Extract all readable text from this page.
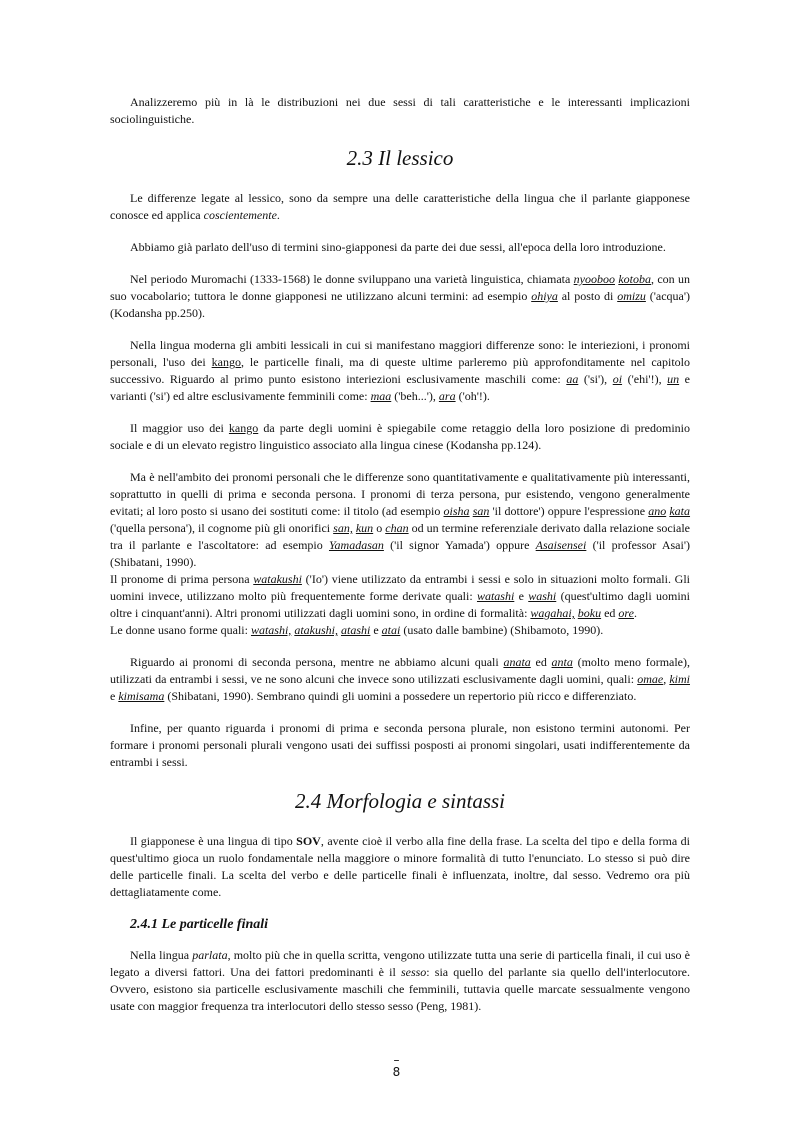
Analizzeremo più in là le distribuzioni nei due sessi di tali caratteristiche e le interessanti implicazioni sociolinguistiche.

2.3 Il lessico

Le differenze legate al lessico, sono da sempre una delle caratteristiche della lingua che il parlante giapponese conosce ed applica coscientemente.

Abbiamo già parlato dell'uso di termini sino-giapponesi da parte dei due sessi, all'epoca della loro introduzione.

Nel periodo Muromachi (1333-1568) le donne sviluppano una varietà linguistica, chiamata nyooboo kotoba, con un suo vocabolario; tuttora le donne giapponesi ne utilizzano alcuni termini: ad esempio ohiya al posto di omizu ('acqua') (Kodansha pp.250).

Nella lingua moderna gli ambiti lessicali in cui si manifestano maggiori differenze sono: le interiezioni, i pronomi personali, l'uso dei kango, le particelle finali, ma di queste ultime parleremo più approfonditamente nel capitolo successivo. Riguardo al primo punto esistono interiezioni esclusivamente maschili come: aa ('si'), oi ('ehi'!), un e varianti ('si') ed altre esclusivamente femminili come: maa ('beh...'), ara ('oh'!).

Il maggior uso dei kango da parte degli uomini è spiegabile come retaggio della loro posizione di predominio sociale e di un elevato registro linguistico associato alla lingua cinese (Kodansha pp.124).

Ma è nell'ambito dei pronomi personali che le differenze sono quantitativamente e qualitativamente più interessanti, soprattutto in quelli di prima e seconda persona. I pronomi di terza persona, pur esistendo, vengono generalmente evitati; al loro posto si usano dei sostituti come: il titolo (ad esempio oisha san 'il dottore') oppure l'espressione ano kata ('quella persona'), il cognome più gli onorifici san, kun o chan od un termine referenziale derivato dalla relazione sociale tra il parlante e l'ascoltatore: ad esempio Yamadasan ('il signor Yamada') oppure Asaisensei ('il professor Asai') (Shibatani, 1990).

Il pronome di prima persona watakushi ('Io') viene utilizzato da entrambi i sessi e solo in situazioni molto formali. Gli uomini invece, utilizzano molto più frequentemente forme derivate quali: watashi e washi (quest'ultimo dagli uomini oltre i cinquant'anni). Altri pronomi utilizzati dagli uomini sono, in ordine di formalità: wagahai, boku ed ore.

Le donne usano forme quali: watashi, atakushi, atashi e atai (usato dalle bambine) (Shibamoto, 1990).

Riguardo ai pronomi di seconda persona, mentre ne abbiamo alcuni quali anata ed anta (molto meno formale), utilizzati da entrambi i sessi, ve ne sono alcuni che invece sono utilizzati esclusivamente dagli uomini, quali: omae, kimi e kimisama (Shibatani, 1990). Sembrano quindi gli uomini a possedere un repertorio più ricco e differenziato.

Infine, per quanto riguarda i pronomi di prima e seconda persona plurale, non esistono termini autonomi. Per formare i pronomi personali plurali vengono usati dei suffissi posposti ai pronomi singolari, usati indifferentemente da entrambi i sessi.

2.4 Morfologia e sintassi

Il giapponese è una lingua di tipo SOV, avente cioè il verbo alla fine della frase. La scelta del tipo e della forma di quest'ultimo gioca un ruolo fondamentale nella maggiore o minore formalità di tutto l'enunciato. Lo stesso si può dire delle particelle finali. La scelta del verbo e delle particelle finali è influenzata, inoltre, dal sesso. Vedremo ora più dettagliatamente come.

2.4.1 Le particelle finali

Nella lingua parlata, molto più che in quella scritta, vengono utilizzate tutta una serie di particella finali, il cui uso è legato a diversi fattori. Una dei fattori predominanti è il sesso: sia quello del parlante sia quello dell'interlocutore. Ovvero, esistono sia particelle esclusivamente maschili che femminili, tuttavia quelle marcate sessualmente vengono usate con maggior frequenza tra interlocutori dello stesso sesso (Peng, 1981).

–
8
